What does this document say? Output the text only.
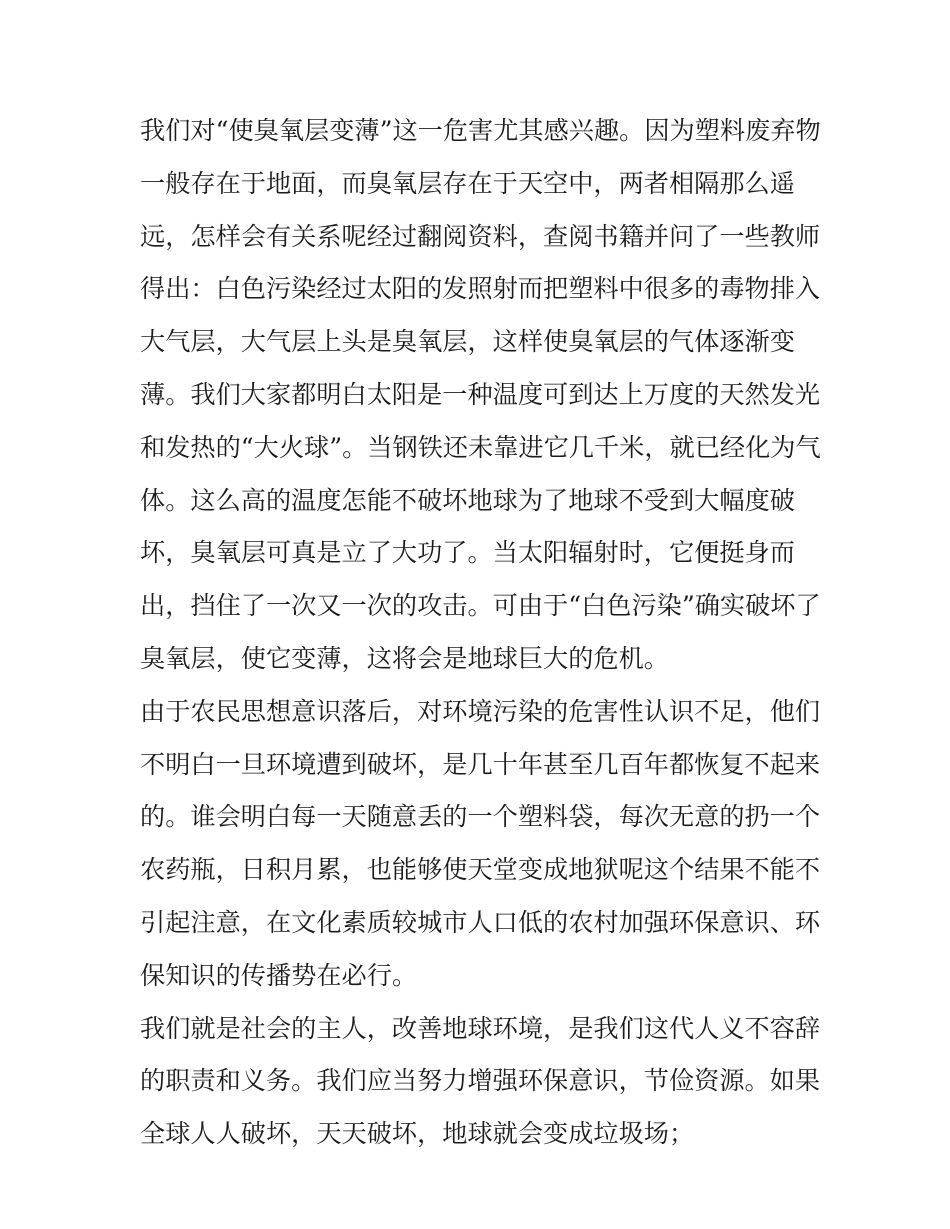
我们对“使臭氧层变薄”这一危害尤其感兴趣。因为塑料废弃物
一般存在于地面，而臭氧层存在于天空中，两者相隔那么遥
远，怎样会有关系呢经过翻阅资料，查阅书籍并问了一些教师
得出：白色污染经过太阳的发照射而把塑料中很多的毒物排入
大气层，大气层上头是臭氧层，这样使臭氧层的气体逐渐变
薄。我们大家都明白太阳是一种温度可到达上万度的天然发光
和发热的“大火球”。当钢铁还未靠进它几千米，就已经化为气
体。这么高的温度怎能不破坏地球为了地球不受到大幅度破
坏，臭氧层可真是立了大功了。当太阳辐射时，它便挺身而
出，挡住了一次又一次的攻击。可由于“白色污染”确实破坏了
臭氧层，使它变薄，这将会是地球巨大的危机。

由于农民思想意识落后，对环境污染的危害性认识不足，他们
不明白一旦环境遭到破坏，是几十年甚至几百年都恢复不起来
的。谁会明白每一天随意丢的一个塑料袋，每次无意的扔一个
农药瓶，日积月累，也能够使天堂变成地狱呢这个结果不能不
引起注意，在文化素质较城市人口低的农村加强环保意识、环
保知识的传播势在必行。

我们就是社会的主人，改善地球环境，是我们这代人义不容辞
的职责和义务。我们应当努力增强环保意识，节俭资源。如果
全球人人破坏，天天破坏，地球就会变成垃圾场；
